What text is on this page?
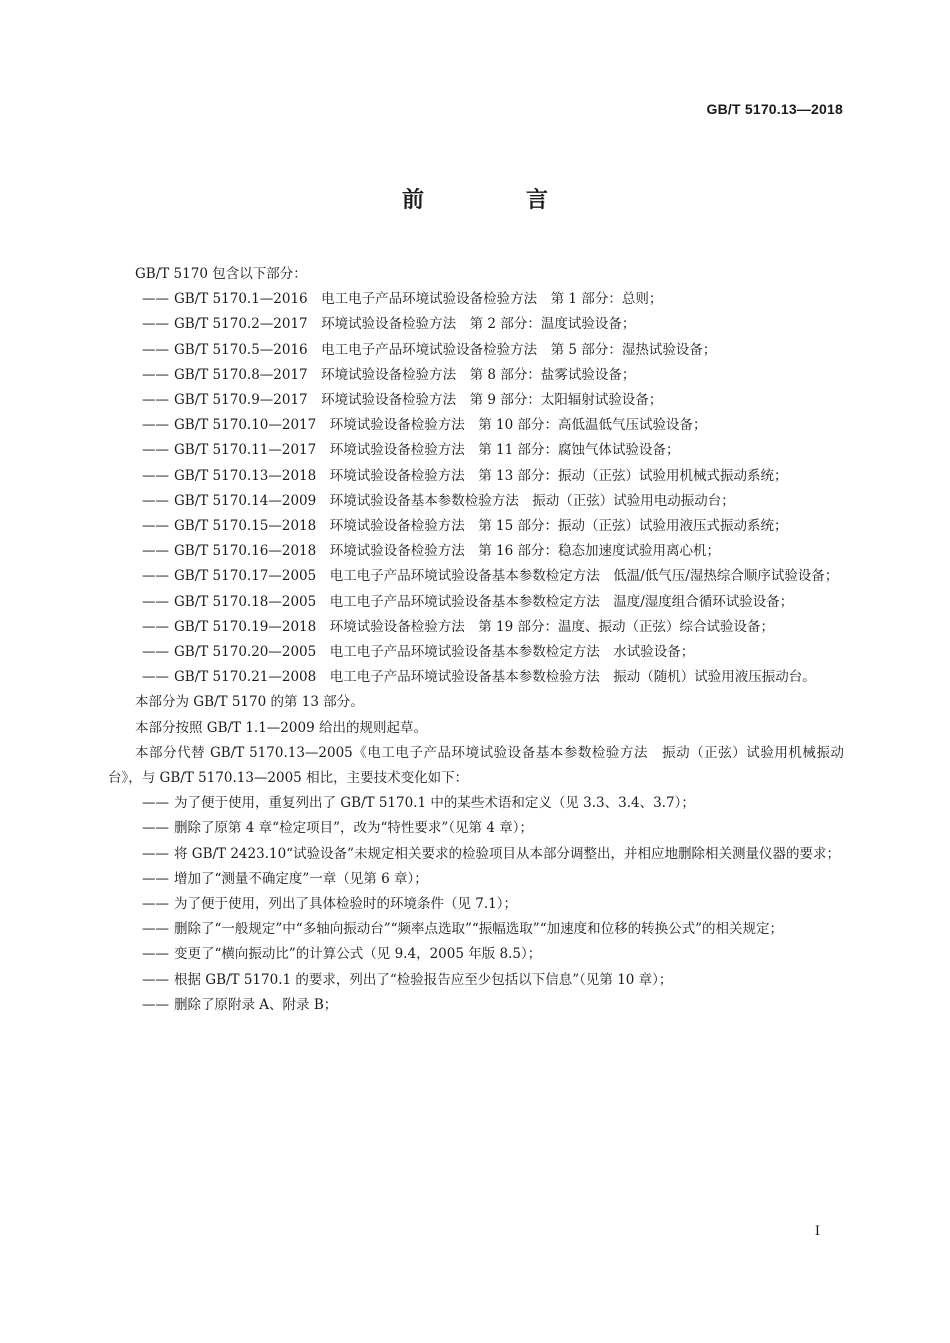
GB/T 5170.13—2018
前　言
GB/T 5170 包含以下部分：
—— GB/T 5170.1—2016　电工电子产品环境试验设备检验方法　第 1 部分：总则；
—— GB/T 5170.2—2017　环境试验设备检验方法　第 2 部分：温度试验设备；
—— GB/T 5170.5—2016　电工电子产品环境试验设备检验方法　第 5 部分：湿热试验设备；
—— GB/T 5170.8—2017　环境试验设备检验方法　第 8 部分：盐雾试验设备；
—— GB/T 5170.9—2017　环境试验设备检验方法　第 9 部分：太阳辐射试验设备；
—— GB/T 5170.10—2017　环境试验设备检验方法　第 10 部分：高低温低气压试验设备；
—— GB/T 5170.11—2017　环境试验设备检验方法　第 11 部分：腐蚀气体试验设备；
—— GB/T 5170.13—2018　环境试验设备检验方法　第 13 部分：振动（正弦）试验用机械式振动系统；
—— GB/T 5170.14—2009　环境试验设备基本参数检验方法　振动（正弦）试验用电动振动台；
—— GB/T 5170.15—2018　环境试验设备检验方法　第 15 部分：振动（正弦）试验用液压式振动系统；
—— GB/T 5170.16—2018　环境试验设备检验方法　第 16 部分：稳态加速度试验用离心机；
—— GB/T 5170.17—2005　电工电子产品环境试验设备基本参数检定方法　低温/低气压/湿热综合顺序试验设备；
—— GB/T 5170.18—2005　电工电子产品环境试验设备基本参数检定方法　温度/湿度组合循环试验设备；
—— GB/T 5170.19—2018　环境试验设备检验方法　第 19 部分：温度、振动（正弦）综合试验设备；
—— GB/T 5170.20—2005　电工电子产品环境试验设备基本参数检定方法　水试验设备；
—— GB/T 5170.21—2008　电工电子产品环境试验设备基本参数检验方法　振动（随机）试验用液压振动台。
本部分为 GB/T 5170 的第 13 部分。
本部分按照 GB/T 1.1—2009 给出的规则起草。
本部分代替 GB/T 5170.13—2005《电工电子产品环境试验设备基本参数检验方法　振动（正弦）试验用机械振动台》，与 GB/T 5170.13—2005 相比，主要技术变化如下：
—— 为了便于使用，重复列出了 GB/T 5170.1 中的某些术语和定义（见 3.3、3.4、3.7）；
—— 删除了原第 4 章“检定项目”，改为“特性要求”（见第 4 章）；
—— 将 GB/T 2423.10“试验设备”未规定相关要求的检验项目从本部分调整出，并相应地删除相关测量仪器的要求；
—— 增加了“测量不确定度”一章（见第 6 章）；
—— 为了便于使用，列出了具体检验时的环境条件（见 7.1）；
—— 删除了“一般规定”中“多轴向振动台”“频率点选取”“振幅选取”“加速度和位移的转换公式”的相关规定；
—— 变更了“横向振动比”的计算公式（见 9.4，2005 年版 8.5）；
—— 根据 GB/T 5170.1 的要求，列出了“检验报告应至少包括以下信息”（见第 10 章）；
—— 删除了原附录 A、附录 B；
I
